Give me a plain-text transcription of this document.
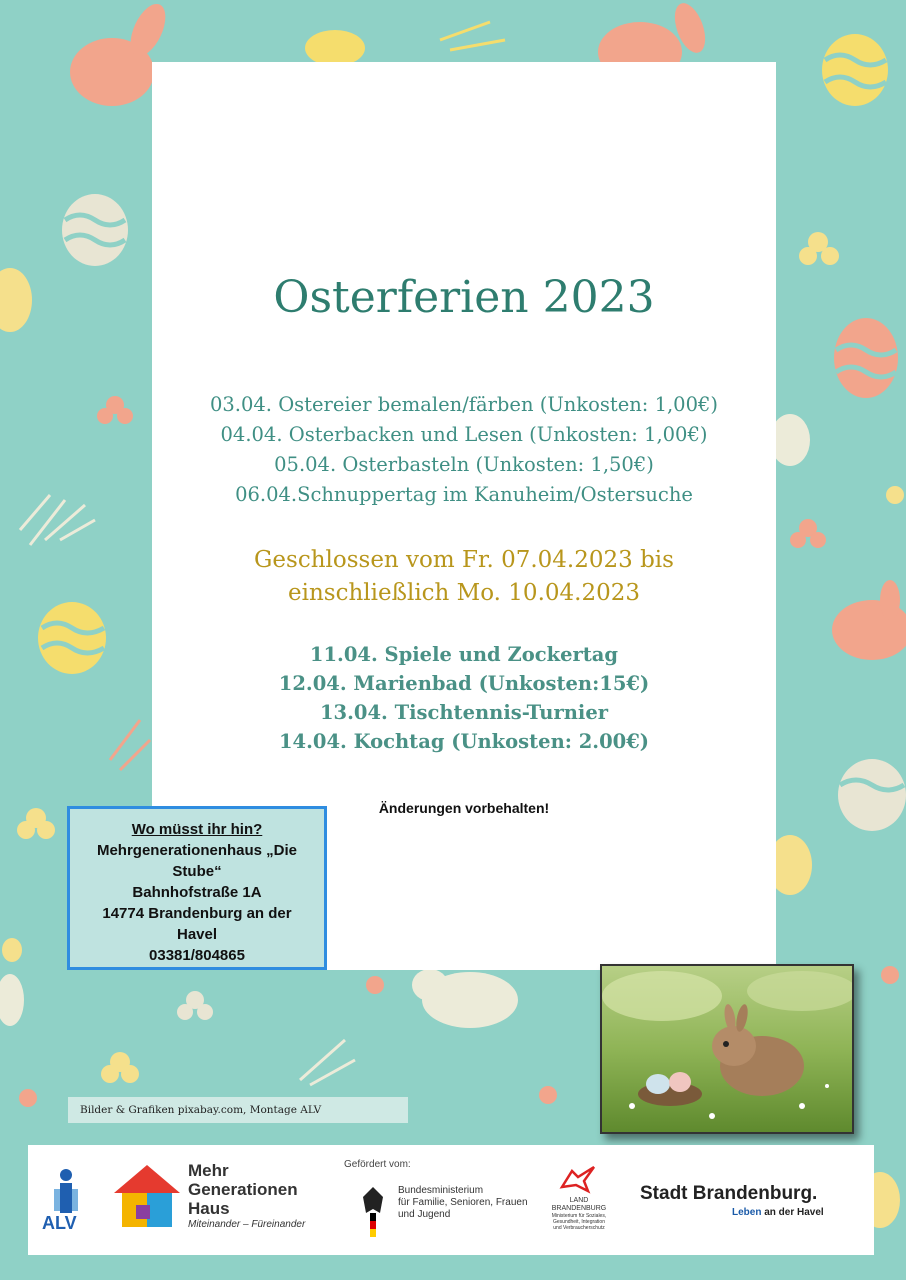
Osterferien 2023
03.04. Ostereier bemalen/färben (Unkosten: 1,00€)
04.04. Osterbacken und Lesen (Unkosten: 1,00€)
05.04. Osterbasteln (Unkosten: 1,50€)
06.04.Schnuppertag im Kanuheim/Ostersuche
Geschlossen vom Fr. 07.04.2023 bis
einschließlich Mo. 10.04.2023
11.04. Spiele und Zockertag
12.04. Marienbad (Unkosten:15€)
13.04. Tischtennis-Turnier
14.04. Kochtag (Unkosten: 2.00€)
Änderungen vorbehalten!
Wo müsst ihr hin?
Mehrgenerationenhaus „Die
Stube“
Bahnhofstraße 1A
14774 Brandenburg an der
Havel
03381/804865
Bilder & Grafiken pixabay.com, Montage ALV
ALV
Mehr
Generationen
Haus
Miteinander – Füreinander
Gefördert vom:
Bundesministerium
für Familie, Senioren, Frauen
und Jugend
LAND
BRANDENBURG
Ministerium für Soziales,
Gesundheit, Integration
und Verbraucherschutz
Stadt Brandenburg.
Leben an der Havel
